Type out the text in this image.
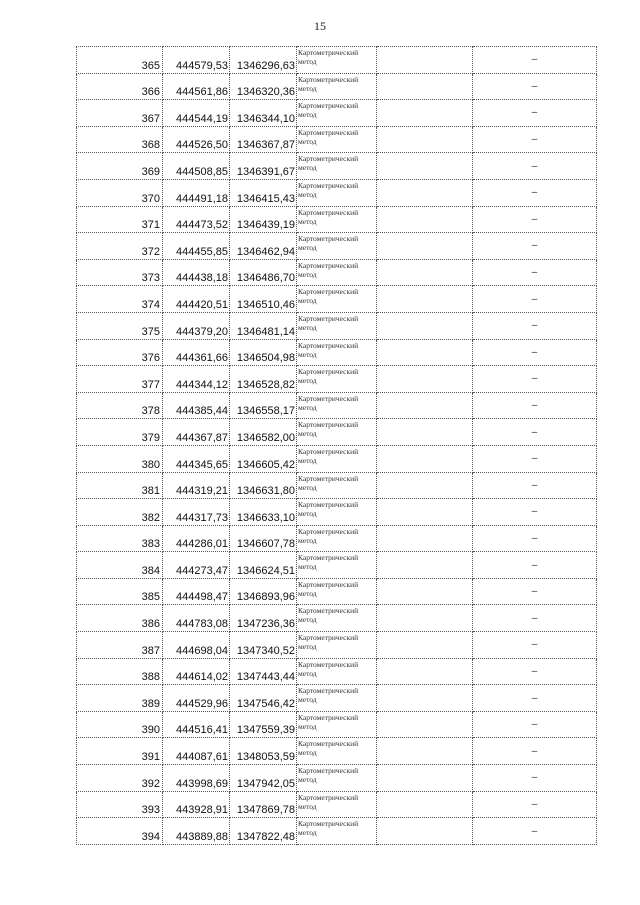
15
365	444579,53	1346296,63	Картометрический метод		–
366	444561,86	1346320,36	Картометрический метод		–
367	444544,19	1346344,10	Картометрический метод		–
368	444526,50	1346367,87	Картометрический метод		–
369	444508,85	1346391,67	Картометрический метод		–
370	444491,18	1346415,43	Картометрический метод		–
371	444473,52	1346439,19	Картометрический метод		–
372	444455,85	1346462,94	Картометрический метод		–
373	444438,18	1346486,70	Картометрический метод		–
374	444420,51	1346510,46	Картометрический метод		–
375	444379,20	1346481,14	Картометрический метод		–
376	444361,66	1346504,98	Картометрический метод		–
377	444344,12	1346528,82	Картометрический метод		–
378	444385,44	1346558,17	Картометрический метод		–
379	444367,87	1346582,00	Картометрический метод		–
380	444345,65	1346605,42	Картометрический метод		–
381	444319,21	1346631,80	Картометрический метод		–
382	444317,73	1346633,10	Картометрический метод		–
383	444286,01	1346607,78	Картометрический метод		–
384	444273,47	1346624,51	Картометрический метод		–
385	444498,47	1346893,96	Картометрический метод		–
386	444783,08	1347236,36	Картометрический метод		–
387	444698,04	1347340,52	Картометрический метод		–
388	444614,02	1347443,44	Картометрический метод		–
389	444529,96	1347546,42	Картометрический метод		–
390	444516,41	1347559,39	Картометрический метод		–
391	444087,61	1348053,59	Картометрический метод		–
392	443998,69	1347942,05	Картометрический метод		–
393	443928,91	1347869,78	Картометрический метод		–
394	443889,88	1347822,48	Картометрический метод		–
